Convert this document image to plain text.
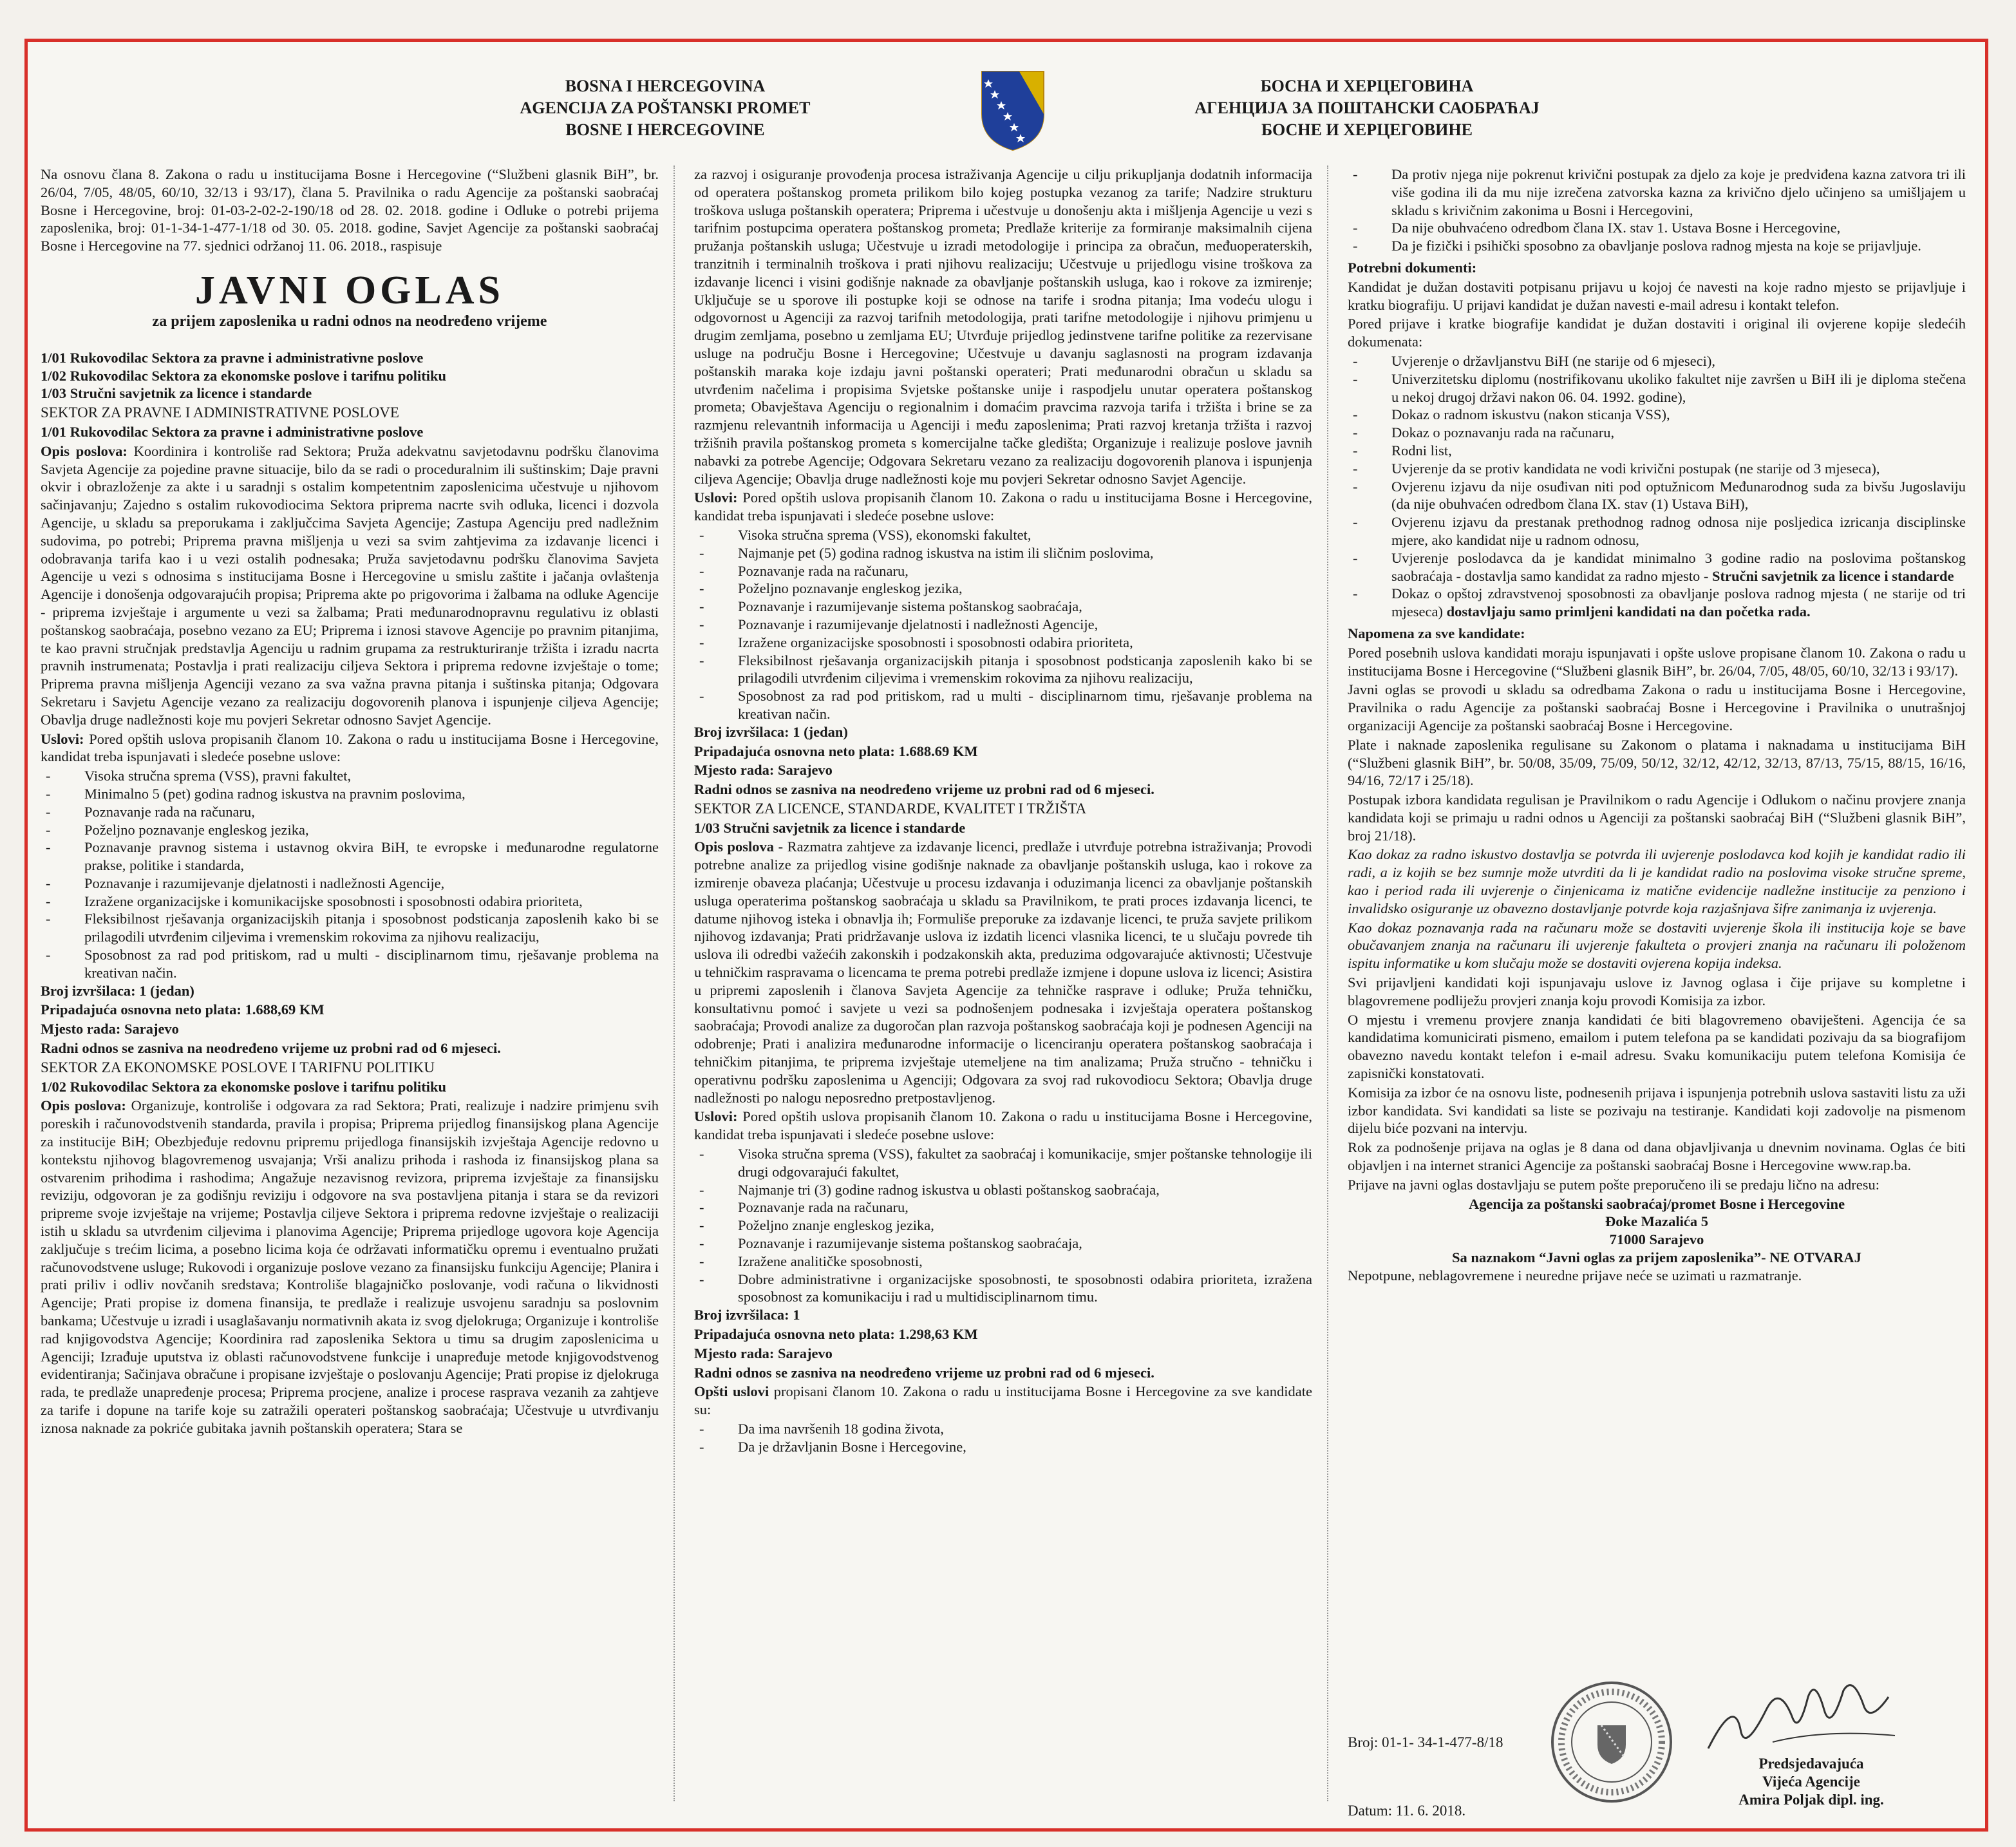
BOSNA I HERCEGOVINA
AGENCIJA ZA POŠTANSKI PROMET
BOSNE I HERCEGOVINE
БОСНА И ХЕРЦЕГОВИНА
АГЕНЦИЈА ЗА ПОШТАНСКИ САОБРАЋАЈ
БОСНЕ И ХЕРЦЕГОВИНЕ

Na osnovu člana 8. Zakona o radu u institucijama Bosne i Hercegovine (“Službeni glasnik BiH”, br. 26/04, 7/05, 48/05, 60/10, 32/13 i 93/17), člana 5. Pravilnika o radu Agencije za poštanski saobraćaj Bosne i Hercegovine, broj: 01-03-2-02-2-190/18 od 28. 02. 2018. godine i Odluke o potrebi prijema zaposlenika, broj: 01-1-34-1-477-1/18 od 30. 05. 2018. godine, Savjet Agencije za poštanski saobraćaj Bosne i Hercegovine na 77. sjednici održanoj 11. 06. 2018., raspisuje

JAVNI OGLAS
za prijem zaposlenika u radni odnos na neodređeno vrijeme

1/01 Rukovodilac Sektora za pravne i administrativne poslove

1/02 Rukovodilac Sektora za ekonomske poslove i tarifnu politiku

1/03 Stručni savjetnik za licence i standarde

SEKTOR ZA PRAVNE I ADMINISTRATIVNE POSLOVE

1/01 Rukovodilac Sektora za pravne i administrativne poslove

Opis poslova: Koordinira i kontroliše rad Sektora; Pruža adekvatnu savjetodavnu podršku članovima Savjeta Agencije za pojedine pravne situacije, bilo da se radi o proceduralnim ili suštinskim; Daje pravni okvir i obrazloženje za akte i u saradnji s ostalim kompetentnim zaposlenicima učestvuje u njihovom sačinjavanju; Zajedno s ostalim rukovodiocima Sektora priprema nacrte svih odluka, licenci i dozvola Agencije, u skladu sa preporukama i zaključcima Savjeta Agencije; Zastupa Agenciju pred nadležnim sudovima, po potrebi; Priprema pravna mišljenja u vezi sa svim zahtjevima za izdavanje licenci i odobravanja tarifa kao i u vezi ostalih podnesaka; Pruža savjetodavnu podršku članovima Savjeta Agencije u vezi s odnosima s institucijama Bosne i Hercegovine u smislu zaštite i jačanja ovlaštenja Agencije i donošenja odgovarajućih propisa; Priprema akte po prigovorima i žalbama na odluke Agencije - priprema izvještaje i argumente u vezi sa žalbama; Prati međunarodnopravnu regulativu iz oblasti poštanskog saobraćaja, posebno vezano za EU; Priprema i iznosi stavove Agencije po pravnim pitanjima, te kao pravni stručnjak predstavlja Agenciju u radnim grupama za restrukturiranje tržišta i izradu nacrta pravnih instrumenata; Postavlja i prati realizaciju ciljeva Sektora i priprema redovne izvještaje o tome; Priprema pravna mišljenja Agenciji vezano za sva važna pravna pitanja i suštinska pitanja; Odgovara Sekretaru i Savjetu Agencije vezano za realizaciju dogovorenih planova i ispunjenje ciljeva Agencije; Obavlja druge nadležnosti koje mu povjeri Sekretar odnosno Savjet Agencije.

Uslovi: Pored opštih uslova propisanih članom 10. Zakona o radu u institucijama Bosne i Hercegovine, kandidat treba ispunjavati i sledeće posebne uslove:

- Visoka stručna sprema (VSS), pravni fakultet,
- Minimalno 5 (pet) godina radnog iskustva na pravnim poslovima,
- Poznavanje rada na računaru,
- Poželjno poznavanje engleskog jezika,
- Poznavanje pravnog sistema i ustavnog okvira BiH, te evropske i međunarodne regulatorne prakse, politike i standarda,
- Poznavanje i razumijevanje djelatnosti i nadležnosti Agencije,
- Izražene organizacijske i komunikacijske sposobnosti i sposobnosti odabira prioriteta,
- Fleksibilnost rješavanja organizacijskih pitanja i sposobnost podsticanja zaposlenih kako bi se prilagodili utvrđenim ciljevima i vremenskim rokovima za njihovu realizaciju,
- Sposobnost za rad pod pritiskom, rad u multi - disciplinarnom timu, rješavanje problema na kreativan način.

Broj izvršilaca: 1 (jedan)

Pripadajuća osnovna neto plata: 1.688,69 KM

Mjesto rada: Sarajevo

Radni odnos se zasniva na neodređeno vrijeme uz probni rad od 6 mjeseci.

SEKTOR ZA EKONOMSKE POSLOVE I TARIFNU POLITIKU

1/02 Rukovodilac Sektora za ekonomske poslove i tarifnu politiku

Opis poslova: Organizuje, kontroliše i odgovara za rad Sektora; Prati, realizuje i nadzire primjenu svih poreskih i računovodstvenih standarda, pravila i propisa; Priprema prijedlog finansijskog plana Agencije za institucije BiH; Obezbjeđuje redovnu pripremu prijedloga finansijskih izvještaja Agencije redovno u kontekstu njihovog blagovremenog usvajanja; Vrši analizu prihoda i rashoda iz finansijskog plana sa ostvarenim prihodima i rashodima; Angažuje nezavisnog revizora, priprema izvještaje za finansijsku reviziju, odgovoran je za godišnju reviziju i odgovore na sva postavljena pitanja i stara se da revizori pripreme svoje izvještaje na vrijeme; Postavlja ciljeve Sektora i priprema redovne izvještaje o realizaciji istih u skladu sa utvrđenim ciljevima i planovima Agencije; Priprema prijedloge ugovora koje Agencija zaključuje s trećim licima, a posebno licima koja će održavati informatičku opremu i eventualno pružati računovodstvene usluge; Rukovodi i organizuje poslove vezano za finansijsku funkciju Agencije; Planira i prati priliv i odliv novčanih sredstava; Kontroliše blagajničko poslovanje, vodi računa o likvidnosti Agencije; Prati propise iz domena finansija, te predlaže i realizuje usvojenu saradnju sa poslovnim bankama; Učestvuje u izradi i usaglašavanju normativnih akata iz svog djelokruga; Organizuje i kontroliše rad knjigovodstva Agencije; Koordinira rad zaposlenika Sektora u timu sa drugim zaposlenicima u Agenciji; Izrađuje uputstva iz oblasti računovodstvene funkcije i unapređuje metode knjigovodstvenog evidentiranja; Sačinjava obračune i propisane izvještaje o poslovanju Agencije; Prati propise iz djelokruga rada, te predlaže unapređenje procesa; Priprema procjene, analize i procese rasprava vezanih za zahtjeve za tarife i dopune na tarife koje su zatražili operateri poštanskog saobraćaja; Učestvuje u utvrđivanju iznosa naknade za pokriće gubitaka javnih poštanskih operatera; Stara se

za razvoj i osiguranje provođenja procesa istraživanja Agencije u cilju prikupljanja dodatnih informacija od operatera poštanskog prometa prilikom bilo kojeg postupka vezanog za tarife; Nadzire strukturu troškova usluga poštanskih operatera; Priprema i učestvuje u donošenju akta i mišljenja Agencije u vezi s tarifnim postupcima operatera poštanskog prometa; Predlaže kriterije za formiranje maksimalnih cijena pružanja poštanskih usluga; Učestvuje u izradi metodologije i principa za obračun, međuoperaterskih, tranzitnih i terminalnih troškova i prati njihovu realizaciju; Učestvuje u prijedlogu visine troškova za izdavanje licenci i visini godišnje naknade za obavljanje poštanskih usluga, kao i rokove za izmirenje; Uključuje se u sporove ili postupke koji se odnose na tarife i srodna pitanja; Ima vodeću ulogu i odgovornost u Agenciji za razvoj tarifnih metodologija, prati tarifne metodologije i njihovu primjenu u drugim zemljama, posebno u zemljama EU; Utvrđuje prijedlog jedinstvene tarifne politike za rezervisane usluge na području Bosne i Hercegovine; Učestvuje u davanju saglasnosti na program izdavanja poštanskih maraka koje izdaju javni poštanski operateri; Prati međunarodni obračun u skladu sa utvrđenim načelima i propisima Svjetske poštanske unije i raspodjelu unutar operatera poštanskog prometa; Obavještava Agenciju o regionalnim i domaćim pravcima razvoja tarifa i tržišta i brine se za razmjenu relevantnih informacija u Agenciji i među zaposlenima; Prati razvoj kretanja tržišta i razvoj tržišnih pravila poštanskog prometa s komercijalne tačke gledišta; Organizuje i realizuje poslove javnih nabavki za potrebe Agencije; Odgovara Sekretaru vezano za realizaciju dogovorenih planova i ispunjenja ciljeva Agencije; Obavlja druge nadležnosti koje mu povjeri Sekretar odnosno Savjet Agencije.

Uslovi: Pored opštih uslova propisanih članom 10. Zakona o radu u institucijama Bosne i Hercegovine, kandidat treba ispunjavati i sledeće posebne uslove:

- Visoka stručna sprema (VSS), ekonomski fakultet,
- Najmanje pet (5) godina radnog iskustva na istim ili sličnim poslovima,
- Poznavanje rada na računaru,
- Poželjno poznavanje engleskog jezika,
- Poznavanje i razumijevanje sistema poštanskog saobraćaja,
- Poznavanje i razumijevanje djelatnosti i nadležnosti Agencije,
- Izražene organizacijske sposobnosti i sposobnosti odabira prioriteta,
- Fleksibilnost rješavanja organizacijskih pitanja i sposobnost podsticanja zaposlenih kako bi se prilagodili utvrđenim ciljevima i vremenskim rokovima za njihovu realizaciju,
- Sposobnost za rad pod pritiskom, rad u multi - disciplinarnom timu, rješavanje problema na kreativan način.

Broj izvršilaca: 1 (jedan)

Pripadajuća osnovna neto plata: 1.688.69 KM

Mjesto rada: Sarajevo

Radni odnos se zasniva na neodređeno vrijeme uz probni rad od 6 mjeseci.

SEKTOR ZA LICENCE, STANDARDE, KVALITET I TRŽIŠTA

1/03 Stručni savjetnik za licence i standarde

Opis poslova - Razmatra zahtjeve za izdavanje licenci, predlaže i utvrđuje potrebna istraživanja; Provodi potrebne analize za prijedlog visine godišnje naknade za obavljanje poštanskih usluga, kao i rokove za izmirenje obaveza plaćanja; Učestvuje u procesu izdavanja i oduzimanja licenci za obavljanje poštanskih usluga operaterima poštanskog saobraćaja u skladu sa Pravilnikom, te prati proces izdavanja licenci, te datume njihovog isteka i obnavlja ih; Formuliše preporuke za izdavanje licenci, te pruža savjete prilikom njihovog izdavanja; Prati pridržavanje uslova iz izdatih licenci vlasnika licenci, te u slučaju povrede tih uslova ili odredbi važećih zakonskih i podzakonskih akta, preduzima odgovarajuće aktivnosti; Učestvuje u tehničkim raspravama o licencama te prema potrebi predlaže izmjene i dopune uslova iz licenci; Asistira u pripremi zaposlenih i članova Savjeta Agencije za tehničke rasprave i odluke; Pruža tehničku, konsultativnu pomoć i savjete u vezi sa podnošenjem podnesaka i izvještaja operatera poštanskog saobraćaja; Provodi analize za dugoročan plan razvoja poštanskog saobraćaja koji je podnesen Agenciji na odobrenje; Prati i analizira međunarodne informacije o licenciranju operatera poštanskog saobraćaja i tehničkim pitanjima, te priprema izvještaje utemeljene na tim analizama; Pruža stručno - tehničku i operativnu podršku zaposlenima u Agenciji; Odgovara za svoj rad rukovodiocu Sektora; Obavlja druge nadležnosti po nalogu neposredno pretpostavljenog.

Uslovi: Pored opštih uslova propisanih članom 10. Zakona o radu u institucijama Bosne i Hercegovine, kandidat treba ispunjavati i sledeće posebne uslove:

- Visoka stručna sprema (VSS), fakultet za saobraćaj i komunikacije, smjer poštanske tehnologije ili drugi odgovarajući fakultet,
- Najmanje tri (3) godine radnog iskustva u oblasti poštanskog saobraćaja,
- Poznavanje rada na računaru,
- Poželjno znanje engleskog jezika,
- Poznavanje i razumijevanje sistema poštanskog saobraćaja,
- Izražene analitičke sposobnosti,
- Dobre administrativne i organizacijske sposobnosti, te sposobnosti odabira prioriteta, izražena sposobnost za komunikaciju i rad u multidisciplinarnom timu.

Broj izvršilaca: 1

Pripadajuća osnovna neto plata: 1.298,63 KM

Mjesto rada: Sarajevo

Radni odnos se zasniva na neodređeno vrijeme uz probni rad od 6 mjeseci.

Opšti uslovi propisani članom 10. Zakona o radu u institucijama Bosne i Hercegovine za sve kandidate su:

- Da ima navršenih 18 godina života,
- Da je državljanin Bosne i Hercegovine,
- Da protiv njega nije pokrenut krivični postupak za djelo za koje je predviđena kazna zatvora tri ili više godina ili da mu nije izrečena zatvorska kazna za krivično djelo učinjeno sa umišljajem u skladu s krivičnim zakonima u Bosni i Hercegovini,
- Da nije obuhvaćeno odredbom člana IX. stav 1. Ustava Bosne i Hercegovine,
- Da je fizički i psihički sposobno za obavljanje poslova radnog mjesta na koje se prijavljuje.

Potrebni dokumenti:

Kandidat je dužan dostaviti potpisanu prijavu u kojoj će navesti na koje radno mjesto se prijavljuje i kratku biografiju. U prijavi kandidat je dužan navesti e-mail adresu i kontakt telefon.

Pored prijave i kratke biografije kandidat je dužan dostaviti i original ili ovjerene kopije sledećih dokumenata:

- Uvjerenje o državljanstvu BiH (ne starije od 6 mjeseci),
- Univerzitetsku diplomu (nostrifikovanu ukoliko fakultet nije završen u BiH ili je diploma stečena u nekoj drugoj državi nakon 06. 04. 1992. godine),
- Dokaz o radnom iskustvu (nakon sticanja VSS),
- Dokaz o poznavanju rada na računaru,
- Rodni list,
- Uvjerenje da se protiv kandidata ne vodi krivični postupak (ne starije od 3 mjeseca),
- Ovjerenu izjavu da nije osuđivan niti pod optužnicom Međunarodnog suda za bivšu Jugoslaviju (da nije obuhvaćen odredbom člana IX. stav (1) Ustava BiH),
- Ovjerenu izjavu da prestanak prethodnog radnog odnosa nije posljedica izricanja disciplinske mjere, ako kandidat nije u radnom odnosu,
- Uvjerenje poslodavca da je kandidat minimalno 3 godine radio na poslovima poštanskog saobraćaja - dostavlja samo kandidat za radno mjesto - Stručni savjetnik za licence i standarde
- Dokaz o opštoj zdravstvenoj sposobnosti za obavljanje poslova radnog mjesta ( ne starije od tri mjeseca) dostavljaju samo primljeni kandidati na dan početka rada.

Napomena za sve kandidate:

Pored posebnih uslova kandidati moraju ispunjavati i opšte uslove propisane članom 10. Zakona o radu u institucijama Bosne i Hercegovine (“Službeni glasnik BiH”, br. 26/04, 7/05, 48/05, 60/10, 32/13 i 93/17).

Javni oglas se provodi u skladu sa odredbama Zakona o radu u institucijama Bosne i Hercegovine, Pravilnika o radu Agencije za poštanski saobraćaj Bosne i Hercegovine i Pravilnika o unutrašnjoj organizaciji Agencije za poštanski saobraćaj Bosne i Hercegovine.

Plate i naknade zaposlenika regulisane su Zakonom o platama i naknadama u institucijama BiH (“Službeni glasnik BiH”, br. 50/08, 35/09, 75/09, 50/12, 32/12, 42/12, 32/13, 87/13, 75/15, 88/15, 16/16, 94/16, 72/17 i 25/18).

Postupak izbora kandidata regulisan je Pravilnikom o radu Agencije i Odlukom o načinu provjere znanja kandidata koji se primaju u radni odnos u Agenciji za poštanski saobraćaj BiH (“Službeni glasnik BiH”, broj 21/18).

Kao dokaz za radno iskustvo dostavlja se potvrda ili uvjerenje poslodavca kod kojih je kandidat radio ili radi, a iz kojih se bez sumnje može utvrditi da li je kandidat radio na poslovima visoke stručne spreme, kao i period rada ili uvjerenje o činjenicama iz matične evidencije nadležne institucije za penziono i invalidsko osiguranje uz obavezno dostavljanje potvrde koja razjašnjava šifre zanimanja iz uvjerenja.

Kao dokaz poznavanja rada na računaru može se dostaviti uvjerenje škola ili institucija koje se bave obučavanjem znanja na računaru ili uvjerenje fakulteta o provjeri znanja na računaru ili položenom ispitu informatike u kom slučaju može se dostaviti ovjerena kopija indeksa.

Svi prijavljeni kandidati koji ispunjavaju uslove iz Javnog oglasa i čije prijave su kompletne i blagovremene podliježu provjeri znanja koju provodi Komisija za izbor.

O mjestu i vremenu provjere znanja kandidati će biti blagovremeno obaviješteni. Agencija će sa kandidatima komunicirati pismeno, emailom i putem telefona pa se kandidati pozivaju da sa biografijom obavezno navedu kontakt telefon i e-mail adresu. Svaku komunikaciju putem telefona Komisija će zapisnički konstatovati.

Komisija za izbor će na osnovu liste, podnesenih prijava i ispunjenja potrebnih uslova sastaviti listu za uži izbor kandidata. Svi kandidati sa liste se pozivaju na testiranje. Kandidati koji zadovolje na pismenom dijelu biće pozvani na intervju.

Rok za podnošenje prijava na oglas je 8 dana od dana objavljivanja u dnevnim novinama. Oglas će biti objavljen i na internet stranici Agencije za poštanski saobraćaj Bosne i Hercegovine www.rap.ba.

Prijave na javni oglas dostavljaju se putem pošte preporučeno ili se predaju lično na adresu:

Agencija za poštanski saobraćaj/promet Bosne i Hercegovine
Đoke Mazalića 5
71000 Sarajevo
Sa naznakom “Javni oglas za prijem zaposlenika”- NE OTVARAJ

Nepotpune, neblagovremene i neuredne prijave neće se uzimati u razmatranje.

Broj: 01-1- 34-1-477-8/18
Datum: 11. 6. 2018.
Predsjedavajuća
Vijeća Agencije
Amira Poljak dipl. ing.
